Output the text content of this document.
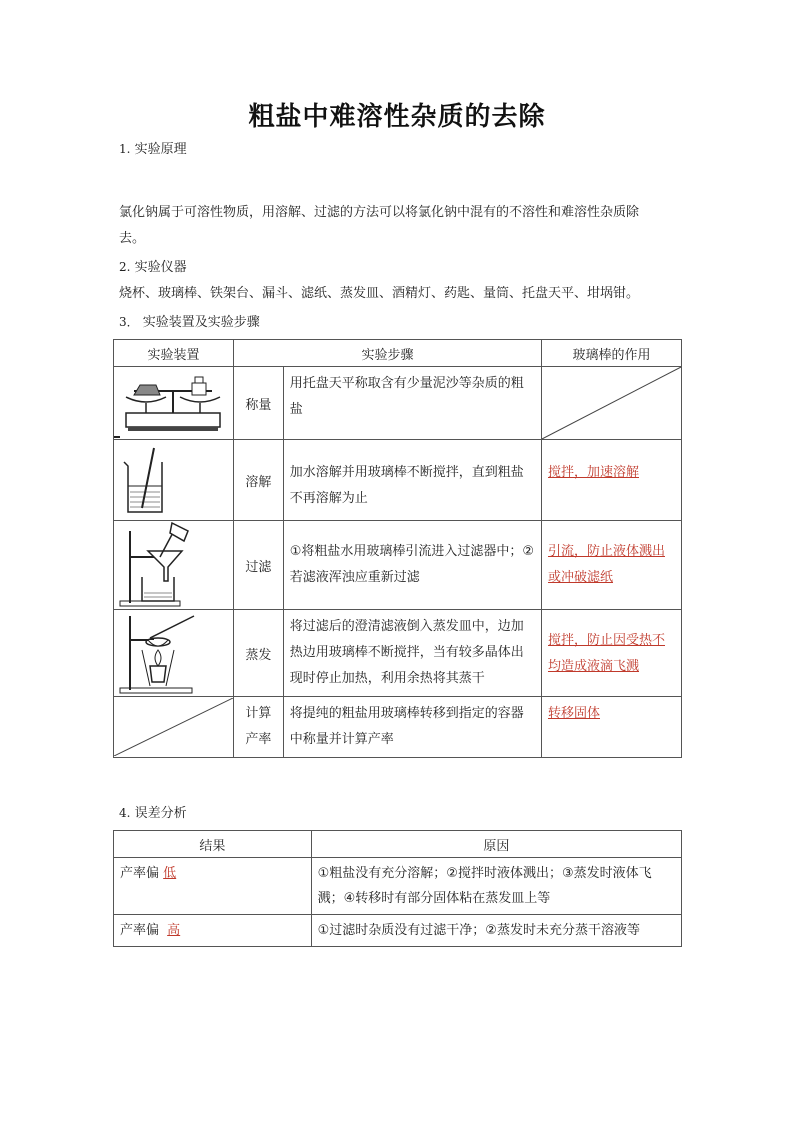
粗盐中难溶性杂质的去除
1. 实验原理
氯化钠属于可溶性物质，用溶解、过滤的方法可以将氯化钠中混有的不溶性和难溶性杂质除
去。
2. 实验仪器
烧杯、玻璃棒、铁架台、漏斗、滤纸、蒸发皿、酒精灯、药匙、量筒、托盘天平、坩埚钳。
3． 实验装置及实验步骤
实验装置	实验步骤		玻璃棒的作用

	称量	用托盘天平称取含有少量泥沙等杂质的粗盐	

	溶解	加水溶解并用玻璃棒不断搅拌，直到粗盐不再溶解为止	搅拌，加速溶解

	过滤	①将粗盐水用玻璃棒引流进入过滤器中；②若滤液浑浊应重新过滤	引流，防止液体溅出或冲破滤纸

	蒸发	将过滤后的澄清滤液倒入蒸发皿中，边加热边用玻璃棒不断搅拌，当有较多晶体出现时停止加热，利用余热将其蒸干	搅拌，防止因受热不均造成液滴飞溅

	计算产率	将提纯的粗盐用玻璃棒转移到指定的容器中称量并计算产率	转移固体
4. 误差分析
结果	原因
产率偏 低	①粗盐没有充分溶解；②搅拌时液体溅出；③蒸发时液体飞溅；④转移时有部分固体粘在蒸发皿上等
产率偏 高	①过滤时杂质没有过滤干净；②蒸发时未充分蒸干溶液等
